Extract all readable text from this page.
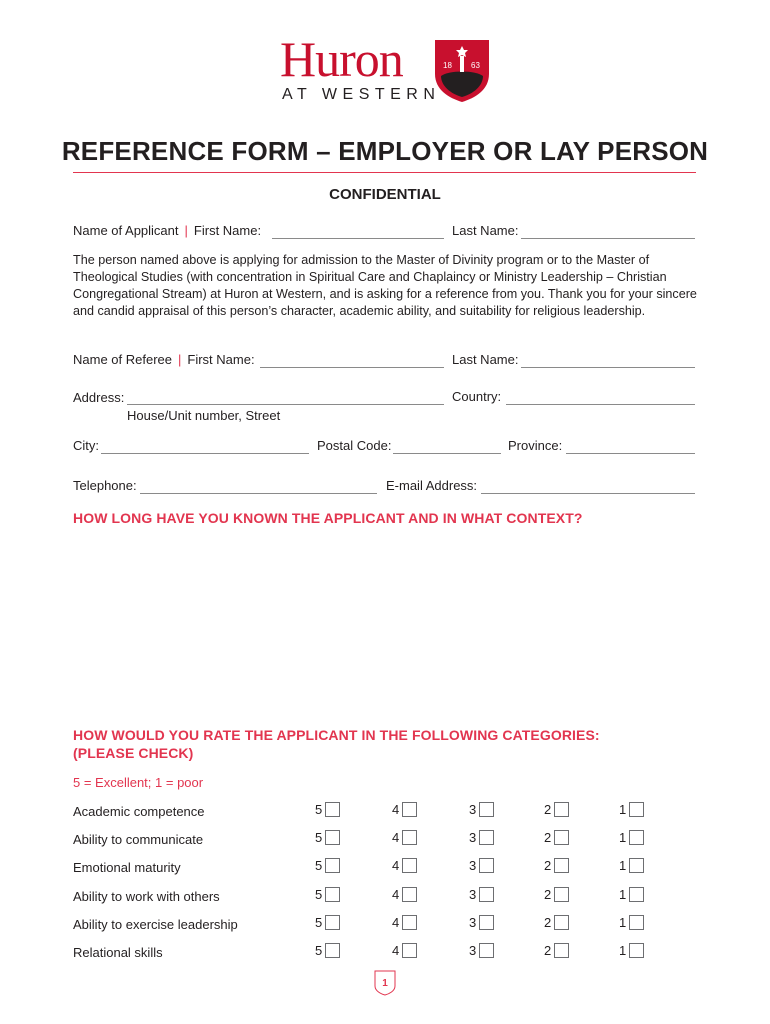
Huron
AT WESTERN
18 63
REFERENCE FORM – EMPLOYER OR LAY PERSON
CONFIDENTIAL
Name of Applicant | First Name:	Last Name:
The person named above is applying for admission to the Master of Divinity program or to the Master of Theological Studies (with concentration in Spiritual Care and Chaplaincy or Ministry Leadership – Christian Congregational Stream) at Huron at Western, and is asking for a reference from you. Thank you for your sincere and candid appraisal of this person’s character, academic ability, and suitability for religious leadership.
Name of Referee | First Name:	Last Name:
Address:	Country:
House/Unit number, Street
City:	Postal Code:	Province:
Telephone:	E-mail Address:
HOW LONG HAVE YOU KNOWN THE APPLICANT AND IN WHAT CONTEXT?
HOW WOULD YOU RATE THE APPLICANT IN THE FOLLOWING CATEGORIES:
(PLEASE CHECK)
5 = Excellent; 1 = poor
Academic competence	5	4	3	2	1
Ability to communicate	5	4	3	2	1
Emotional maturity	5	4	3	2	1
Ability to work with others	5	4	3	2	1
Ability to exercise leadership	5	4	3	2	1
Relational skills	5	4	3	2	1
1
